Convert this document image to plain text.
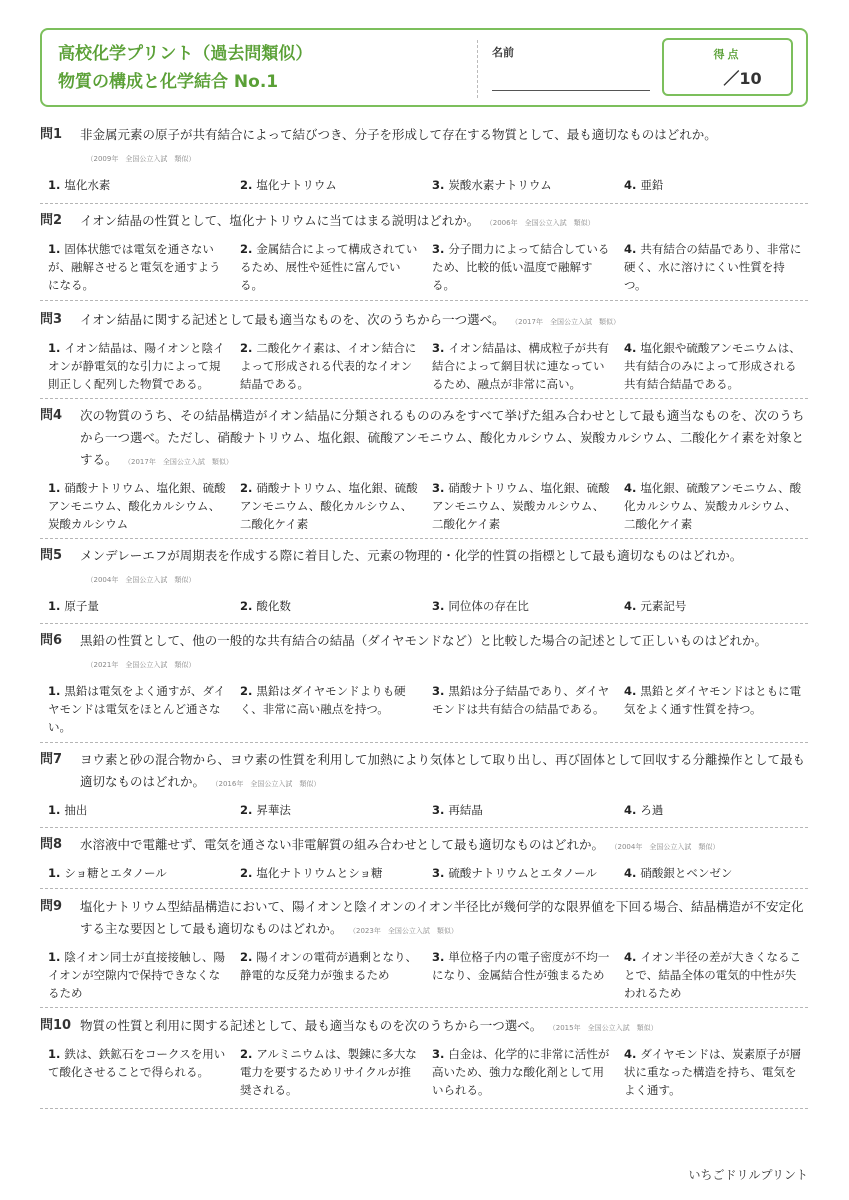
高校化学プリント（過去問類似）
物質の構成と化学結合 No.1
名前	得点
／10
問1 非金属元素の原子が共有結合によって結びつき、分子を形成して存在する物質として、最も適切なものはどれか。（2009年　全国公立入試　類似）
1. 塩化水素	2. 塩化ナトリウム	3. 炭酸水素ナトリウム	4. 亜鉛
問2 イオン結晶の性質として、塩化ナトリウムに当てはまる説明はどれか。 （2006年　全国公立入試　類似）
1. 固体状態では電気を通さないが、融解させると電気を通すようになる。
2. 金属結合によって構成されているため、展性や延性に富んでいる。
3. 分子間力によって結合しているため、比較的低い温度で融解する。
4. 共有結合の結晶であり、非常に硬く、水に溶けにくい性質を持つ。
問3 イオン結晶に関する記述として最も適当なものを、次のうちから一つ選べ。 （2017年　全国公立入試　類似）
1. イオン結晶は、陽イオンと陰イオンが静電気的な引力によって規則正しく配列した物質である。
2. 二酸化ケイ素は、イオン結合によって形成される代表的なイオン結晶である。
3. イオン結晶は、構成粒子が共有結合によって網目状に連なっているため、融点が非常に高い。
4. 塩化銀や硫酸アンモニウムは、共有結合のみによって形成される共有結合結晶である。
問4 次の物質のうち、その結晶構造がイオン結晶に分類されるもののみをすべて挙げた組み合わせとして最も適当なものを、次のうちから一つ選べ。ただし、硝酸ナトリウム、塩化銀、硫酸アンモニウム、酸化カルシウム、炭酸カルシウム、二酸化ケイ素を対象とする。 （2017年　全国公立入試　類似）
1. 硝酸ナトリウム、塩化銀、硫酸アンモニウム、酸化カルシウム、炭酸カルシウム
2. 硝酸ナトリウム、塩化銀、硫酸アンモニウム、酸化カルシウム、二酸化ケイ素
3. 硝酸ナトリウム、塩化銀、硫酸アンモニウム、炭酸カルシウム、二酸化ケイ素
4. 塩化銀、硫酸アンモニウム、酸化カルシウム、炭酸カルシウム、二酸化ケイ素
問5 メンデレーエフが周期表を作成する際に着目した、元素の物理的・化学的性質の指標として最も適切なものはどれか。（2004年　全国公立入試　類似）
1. 原子量	2. 酸化数	3. 同位体の存在比	4. 元素記号
問6 黒鉛の性質として、他の一般的な共有結合の結晶（ダイヤモンドなど）と比較した場合の記述として正しいものはどれか。（2021年　全国公立入試　類似）
1. 黒鉛は電気をよく通すが、ダイヤモンドは電気をほとんど通さない。
2. 黒鉛はダイヤモンドよりも硬く、非常に高い融点を持つ。
3. 黒鉛は分子結晶であり、ダイヤモンドは共有結合の結晶である。
4. 黒鉛とダイヤモンドはともに電気をよく通す性質を持つ。
問7 ヨウ素と砂の混合物から、ヨウ素の性質を利用して加熱により気体として取り出し、再び固体として回収する分離操作として最も適切なものはどれか。 （2016年　全国公立入試　類似）
1. 抽出	2. 昇華法	3. 再結晶	4. ろ過
問8 水溶液中で電離せず、電気を通さない非電解質の組み合わせとして最も適切なものはどれか。 （2004年　全国公立入試　類似）
1. ショ糖とエタノール	2. 塩化ナトリウムとショ糖	3. 硫酸ナトリウムとエタノール	4. 硝酸銀とベンゼン
問9 塩化ナトリウム型結晶構造において、陽イオンと陰イオンのイオン半径比が幾何学的な限界値を下回る場合、結晶構造が不安定化する主な要因として最も適切なものはどれか。 （2023年　全国公立入試　類似）
1. 陰イオン同士が直接接触し、陽イオンが空隙内で保持できなくなるため
2. 陽イオンの電荷が過剰となり、静電的な反発力が強まるため
3. 単位格子内の電子密度が不均一になり、金属結合性が強まるため
4. イオン半径の差が大きくなることで、結晶全体の電気的中性が失われるため
問10 物質の性質と利用に関する記述として、最も適当なものを次のうちから一つ選べ。 （2015年　全国公立入試　類似）
1. 鉄は、鉄鉱石をコークスを用いて酸化させることで得られる。
2. アルミニウムは、製錬に多大な電力を要するためリサイクルが推奨される。
3. 白金は、化学的に非常に活性が高いため、強力な酸化剤として用いられる。
4. ダイヤモンドは、炭素原子が層状に重なった構造を持ち、電気をよく通す。
いちごドリルプリント
